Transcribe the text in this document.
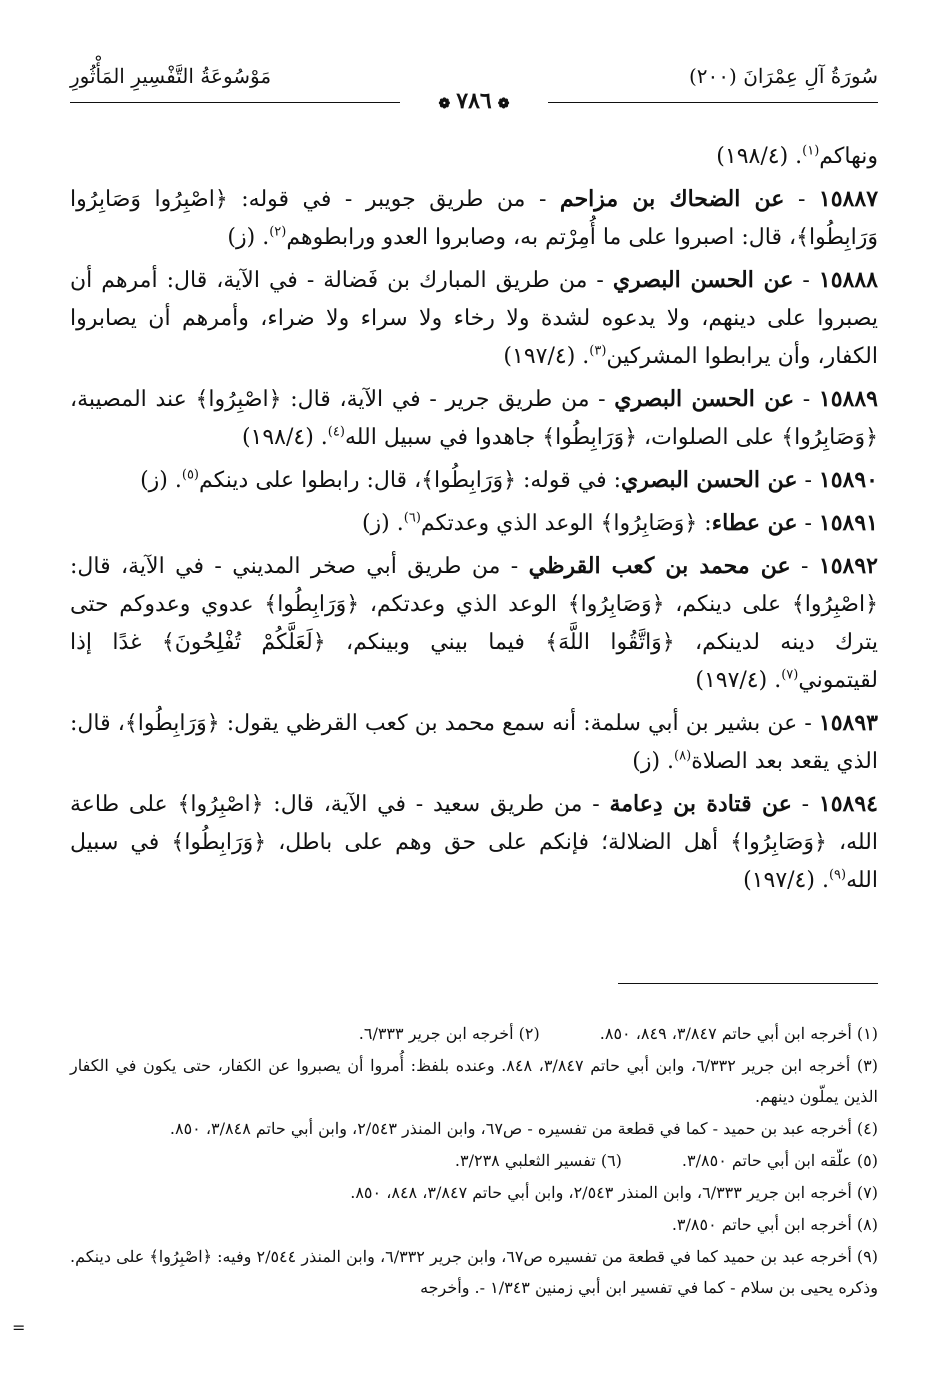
سُورَةُ آلِ عِمْرَانَ (٢٠٠)
مَوْسُوعَةُ التَّفْسِيرِ المَأْثُورِ
❁٧٨٦❁
ونهاكم$^{(١)}$. (١٩٨/٤)
١٥٨٨٧ - عن الضحاك بن مزاحم - من طريق جويبر - في قوله: ﴿اصْبِرُوا وَصَابِرُوا وَرَابِطُوا﴾، قال: اصبروا على ما أُمِرْتم به، وصابروا العدو ورابطوهم$^{(٢)}$. (ز)
١٥٨٨٨ - عن الحسن البصري - من طريق المبارك بن فَضالة - في الآية، قال: أمرهم أن يصبروا على دينهم، ولا يدعوه لشدة ولا رخاء ولا سراء ولا ضراء، وأمرهم أن يصابروا الكفار، وأن يرابطوا المشركين$^{(٣)}$. (١٩٧/٤)
١٥٨٨٩ - عن الحسن البصري - من طريق جرير - في الآية، قال: ﴿اصْبِرُوا﴾ عند المصيبة، ﴿وَصَابِرُوا﴾ على الصلوات، ﴿وَرَابِطُوا﴾ جاهدوا في سبيل الله$^{(٤)}$. (١٩٨/٤)
١٥٨٩٠ - عن الحسن البصري: في قوله: ﴿وَرَابِطُوا﴾، قال: رابطوا على دينكم$^{(٥)}$. (ز)
١٥٨٩١ - عن عطاء: ﴿وَصَابِرُوا﴾ الوعد الذي وعدتكم$^{(٦)}$. (ز)
١٥٨٩٢ - عن محمد بن كعب القرظي - من طريق أبي صخر المديني - في الآية، قال: ﴿اصْبِرُوا﴾ على دينكم، ﴿وَصَابِرُوا﴾ الوعد الذي وعدتكم، ﴿وَرَابِطُوا﴾ عدوي وعدوكم حتى يترك دينه لدينكم، ﴿وَاتَّقُوا اللَّهَ﴾ فيما بيني وبينكم، ﴿لَعَلَّكُمْ تُفْلِحُونَ﴾ غدًا إذا لقيتموني$^{(٧)}$. (١٩٧/٤)
١٥٨٩٣ - عن بشير بن أبي سلمة: أنه سمع محمد بن كعب القرظي يقول: ﴿وَرَابِطُوا﴾، قال: الذي يقعد بعد الصلاة$^{(٨)}$. (ز)
١٥٨٩٤ - عن قتادة بن دِعامة - من طريق سعيد - في الآية، قال: ﴿اصْبِرُوا﴾ على طاعة الله، ﴿وَصَابِرُوا﴾ أهل الضلالة؛ فإنكم على حق وهم على باطل، ﴿وَرَابِطُوا﴾ في سبيل الله$^{(٩)}$. (١٩٧/٤)
(١) أخرجه ابن أبي حاتم ٣/٨٤٧، ٨٤٩، ٨٥٠.
(٢) أخرجه ابن جرير ٦/٣٣٣.
(٣) أخرجه ابن جرير ٦/٣٣٢، وابن أبي حاتم ٣/٨٤٧، ٨٤٨. وعنده بلفظ: أُمروا أن يصبروا عن الكفار، حتى يكون في الكفار الذين يملّون دينهم.
(٤) أخرجه عبد بن حميد - كما في قطعة من تفسيره - ص٦٧، وابن المنذر ٢/٥٤٣، وابن أبي حاتم ٣/٨٤٨، ٨٥٠.
(٥) علّقه ابن أبي حاتم ٣/٨٥٠.
(٦) تفسير الثعلبي ٣/٢٣٨.
(٧) أخرجه ابن جرير ٦/٣٣٣، وابن المنذر ٢/٥٤٣، وابن أبي حاتم ٣/٨٤٧، ٨٤٨، ٨٥٠.
(٨) أخرجه ابن أبي حاتم ٣/٨٥٠.
(٩) أخرجه عبد بن حميد كما في قطعة من تفسيره ص٦٧، وابن جرير ٦/٣٣٢، وابن المنذر ٢/٥٤٤ وفيه: ﴿اصْبِرُوا﴾ على دينكم. وذكره يحيى بن سلام - كما في تفسير ابن أبي زمنين ١/٣٤٣ -. وأخرجه
=
